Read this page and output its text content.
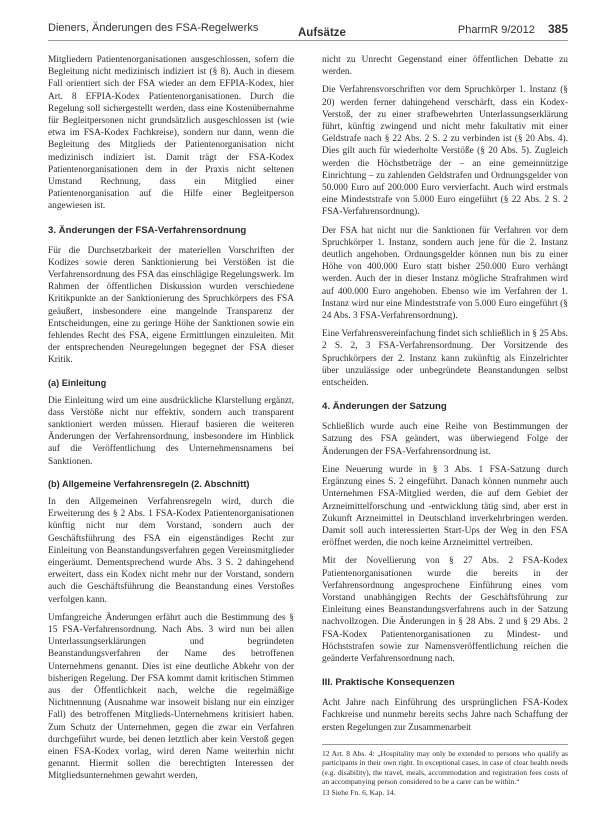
Dieners, Änderungen des FSA-Regelwerks	Aufsätze	PharmR 9/2012 385

Mitgliedern Patientenorganisationen ausgeschlossen, sofern die Begleitung nicht medizinisch indiziert ist (§ 8). Auch in diesem Fall orientiert sich der FSA wieder an dem EFPIA-Kodex, hier Art. 8 EFPIA-Kodex Patientenorganisationen. Durch die Regelung soll sichergestellt werden, dass eine Kostenübernahme für Begleitpersonen nicht grundsätzlich ausgeschlossen ist (wie etwa im FSA-Kodex Fachkreise), sondern nur dann, wenn die Begleitung des Mitglieds der Patientenorganisation nicht medizinisch indiziert ist. Damit trägt der FSA-Kodex Patientenorganisationen dem in der Praxis nicht seltenen Umstand Rechnung, dass ein Mitglied einer Patientenorganisation auf die Hilfe einer Begleitperson angewiesen ist.

3. Änderungen der FSA-Verfahrensordnung

Für die Durchsetzbarkeit der materiellen Vorschriften der Kodizes sowie deren Sanktionierung bei Verstößen ist die Verfahrensordnung des FSA das einschlägige Regelungswerk. Im Rahmen der öffentlichen Diskussion wurden verschiedene Kritikpunkte an der Sanktionierung des Spruchkörpers des FSA geäußert, insbesondere eine mangelnde Transparenz der Entscheidungen, eine zu geringe Höhe der Sanktionen sowie ein fehlendes Recht des FSA, eigene Ermittlungen einzuleiten. Mit der entsprechenden Neuregelungen begegnet der FSA dieser Kritik.

(a) Einleitung

Die Einleitung wird um eine ausdrückliche Klarstellung ergänzt, dass Verstöße nicht nur effektiv, sondern auch transparent sanktioniert werden müssen. Hierauf basieren die weiteren Änderungen der Verfahrensordnung, insbesondere im Hinblick auf die Veröffentlichung des Unternehmensnamens bei Sanktionen.

(b) Allgemeine Verfahrensregeln (2. Abschnitt)

In den Allgemeinen Verfahrensregeln wird, durch die Erweiterung des § 2 Abs. 1 FSA-Kodex Patientenorganisationen künftig nicht nur dem Vorstand, sondern auch der Geschäftsführung des FSA ein eigenständiges Recht zur Einleitung von Beanstandungsverfahren gegen Vereinsmitglieder eingeräumt. Dementsprechend wurde Abs. 3 S. 2 dahingehend erweitert, dass ein Kodex nicht mehr nur der Vorstand, sondern auch die Geschäftsführung die Beanstandung eines Verstoßes verfolgen kann.

Umfangreiche Änderungen erfährt auch die Bestimmung des § 15 FSA-Verfahrensordnung. Nach Abs. 3 wird nun bei allen Unterlassungserklärungen und begründeten Beanstandungsverfahren der Name des betroffenen Unternehmens genannt. Dies ist eine deutliche Abkehr von der bisherigen Regelung. Der FSA kommt damit kritischen Stimmen aus der Öffentlichkeit nach, welche die regelmäßige Nichtnennung (Ausnahme war insoweit bislang nur ein einziger Fall) des betroffenen Mitglieds-Unternehmens kritisiert haben. Zum Schutz der Unternehmen, gegen die zwar ein Verfahren durchgeführt wurde, bei denen letztlich aber kein Verstoß gegen einen FSA-Kodex vorlag, wird deren Name weiterhin nicht genannt. Hiermit sollen die berechtigten Interessen der Mitgliedsunternehmen gewahrt werden,

nicht zu Unrecht Gegenstand einer öffentlichen Debatte zu werden.

Die Verfahrensvorschriften vor dem Spruchkörper 1. Instanz (§ 20) werden ferner dahingehend verschärft, dass ein Kodex-Verstoß, der zu einer strafbewehrten Unterlassungserklärung führt, künftig zwingend und nicht mehr fakultativ mit einer Geldstrafe nach § 22 Abs. 2 S. 2 zu verbinden ist (§ 20 Abs. 4). Dies gilt auch für wiederholte Verstöße (§ 20 Abs. 5). Zugleich werden die Höchstbeträge der – an eine gemeinnützige Einrichtung – zu zahlenden Geldstrafen und Ordnungsgelder von 50.000 Euro auf 200.000 Euro vervierfacht. Auch wird erstmals eine Mindeststrafe von 5.000 Euro eingeführt (§ 22 Abs. 2 S. 2 FSA-Verfahrensordnung).

Der FSA hat nicht nur die Sanktionen für Verfahren vor dem Spruchkörper 1. Instanz, sondern auch jene für die 2. Instanz deutlich angehoben. Ordnungsgelder können nun bis zu einer Höhe von 400.000 Euro statt bisher 250.000 Euro verhängt werden. Auch der in dieser Instanz mögliche Strafrahmen wird auf 400.000 Euro angehoben. Ebenso wie im Verfahren der 1. Instanz wird nur eine Mindeststrafe von 5.000 Euro eingeführt (§ 24 Abs. 3 FSA-Verfahrensordnung).

Eine Verfahrensvereinfachung findet sich schließlich in § 25 Abs. 2 S. 2, 3 FSA-Verfahrensordnung. Der Vorsitzende des Spruchkörpers der 2. Instanz kann zukünftig als Einzelrichter über unzulässige oder unbegründete Beanstandungen selbst entscheiden.

4. Änderungen der Satzung

Schließlich wurde auch eine Reihe von Bestimmungen der Satzung des FSA geändert, was überwiegend Folge der Änderungen der FSA-Verfahrensordnung ist.

Eine Neuerung wurde in § 3 Abs. 1 FSA-Satzung durch Ergänzung eines S. 2 eingeführt. Danach können nunmehr auch Unternehmen FSA-Mitglied werden, die auf dem Gebiet der Arzneimittelforschung und -entwicklung tätig sind, aber erst in Zukunft Arzneimittel in Deutschland inverkehrbringen werden. Damit soll auch interessierten Start-Ups der Weg in den FSA eröffnet werden, die noch keine Arzneimittel vertreiben.

Mit der Novellierung von § 27 Abs. 2 FSA-Kodex Patientenorganisationen wurde die bereits in der Verfahrensordnung angesprochene Einführung eines vom Vorstand unabhängigen Rechts der Geschäftsführung zur Einleitung eines Beanstandungsverfahrens auch in der Satzung nachvollzogen. Die Änderungen in § 28 Abs. 2 und § 29 Abs. 2 FSA-Kodex Patientenorganisationen zu Mindest- und Höchststrafen sowie zur Namensveröffentlichung reichen die geänderte Verfahrensordnung nach.

III. Praktische Konsequenzen

Acht Jahre nach Einführung des ursprünglichen FSA-Kodex Fachkreise und nunmehr bereits sechs Jahre nach Schaffung der ersten Regelungen zur Zusammenarbeit

12 Art. 8 Abs. 4: „Hospitality may only be extended to persons who qualify as participants in their own right. In exceptional cases, in case of clear health needs (e.g. disability), the travel, meals, accommodation and registration fees costs of an accompanying person considered to be a carer can be within.“
13 Siehe Fn. 6, Kap. 14.
